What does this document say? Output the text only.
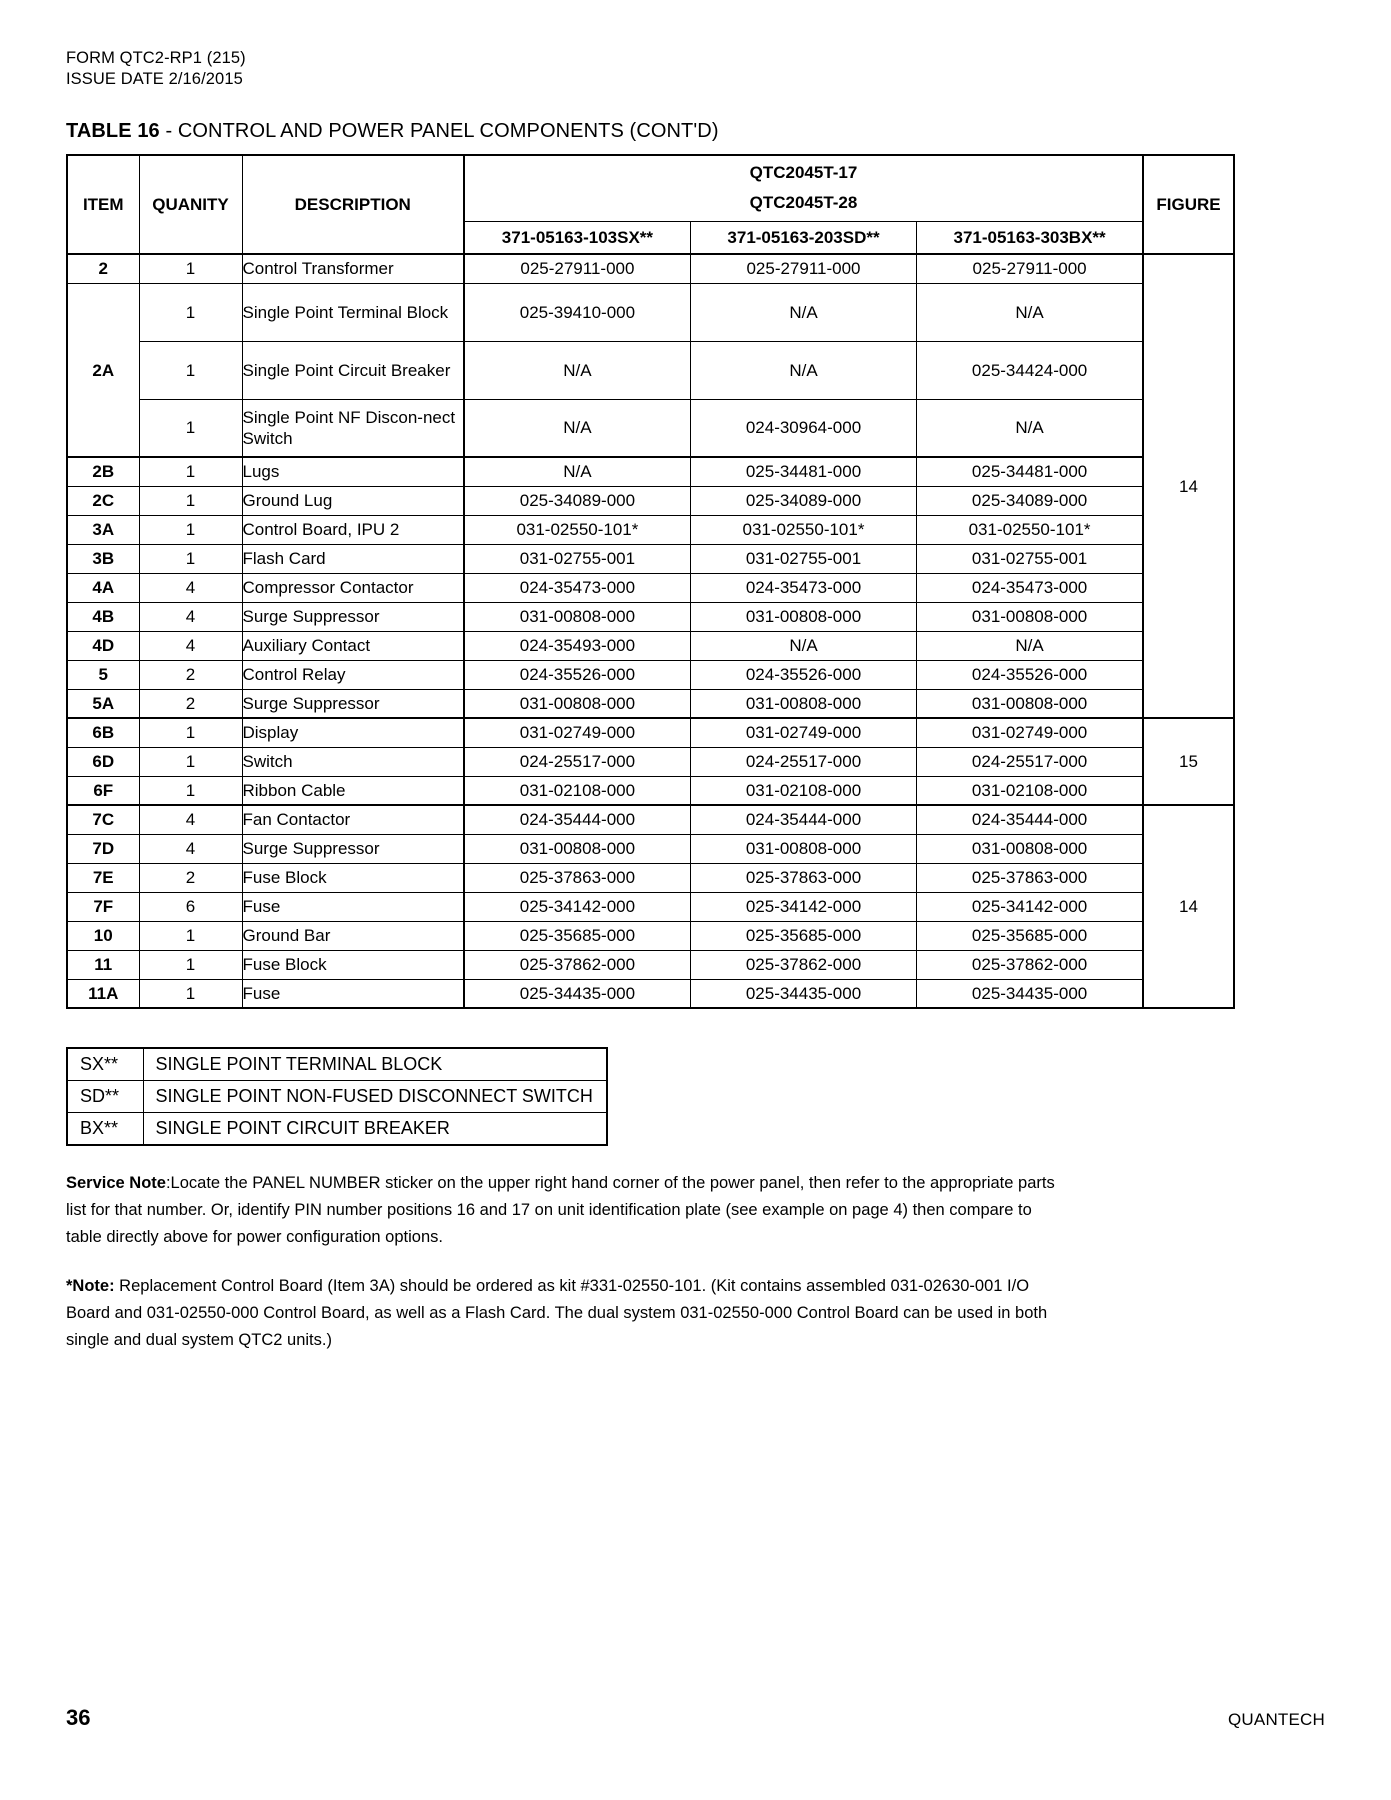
FORM QTC2-RP1 (215)
ISSUE DATE 2/16/2015
TABLE 16 - CONTROL AND POWER PANEL COMPONENTS (CONT'D)
ITEM	QUANITY	DESCRIPTION	QTC2045T-17
QTC2045T-28			FIGURE
			371-05163-103SX**	371-05163-203SD**	371-05163-303BX**	
2	1	Control Transformer	025-27911-000	025-27911-000	025-27911-000	14
	1	Single Point Terminal Block	025-39410-000	N/A	N/A	
2A	1	Single Point Circuit Breaker	N/A	N/A	025-34424-000	
	1	Single Point NF Discon-nect Switch	N/A	024-30964-000	N/A	
2B	1	Lugs	N/A	025-34481-000	025-34481-000	
2C	1	Ground Lug	025-34089-000	025-34089-000	025-34089-000	
3A	1	Control Board, IPU 2	031-02550-101*	031-02550-101*	031-02550-101*	
3B	1	Flash Card	031-02755-001	031-02755-001	031-02755-001	
4A	4	Compressor Contactor	024-35473-000	024-35473-000	024-35473-000	
4B	4	Surge Suppressor	031-00808-000	031-00808-000	031-00808-000	
4D	4	Auxiliary Contact	024-35493-000	N/A	N/A	
5	2	Control Relay	024-35526-000	024-35526-000	024-35526-000	
5A	2	Surge Suppressor	031-00808-000	031-00808-000	031-00808-000	
6B	1	Display	031-02749-000	031-02749-000	031-02749-000	15
6D	1	Switch	024-25517-000	024-25517-000	024-25517-000	
6F	1	Ribbon Cable	031-02108-000	031-02108-000	031-02108-000	
7C	4	Fan Contactor	024-35444-000	024-35444-000	024-35444-000	14
7D	4	Surge Suppressor	031-00808-000	031-00808-000	031-00808-000	
7E	2	Fuse Block	025-37863-000	025-37863-000	025-37863-000	
7F	6	Fuse	025-34142-000	025-34142-000	025-34142-000	
10	1	Ground Bar	025-35685-000	025-35685-000	025-35685-000	
11	1	Fuse Block	025-37862-000	025-37862-000	025-37862-000	
11A	1	Fuse	025-34435-000	025-34435-000	025-34435-000	
SX**	SINGLE POINT TERMINAL BLOCK
SD**	SINGLE POINT NON-FUSED DISCONNECT SWITCH
BX**	SINGLE POINT CIRCUIT BREAKER
Service Note:Locate the PANEL NUMBER sticker on the upper right hand corner of the power panel, then refer to the appropriate parts list for that number. Or, identify PIN number positions 16 and 17 on unit identification plate (see example on page 4) then compare to table directly above for power configuration options.
*Note: Replacement Control Board (Item 3A) should be ordered as kit #331-02550-101. (Kit contains assembled 031-02630-001 I/O Board and 031-02550-000 Control Board, as well as a Flash Card. The dual system 031-02550-000 Control Board can be used in both single and dual system QTC2 units.)
36	QUANTECH
